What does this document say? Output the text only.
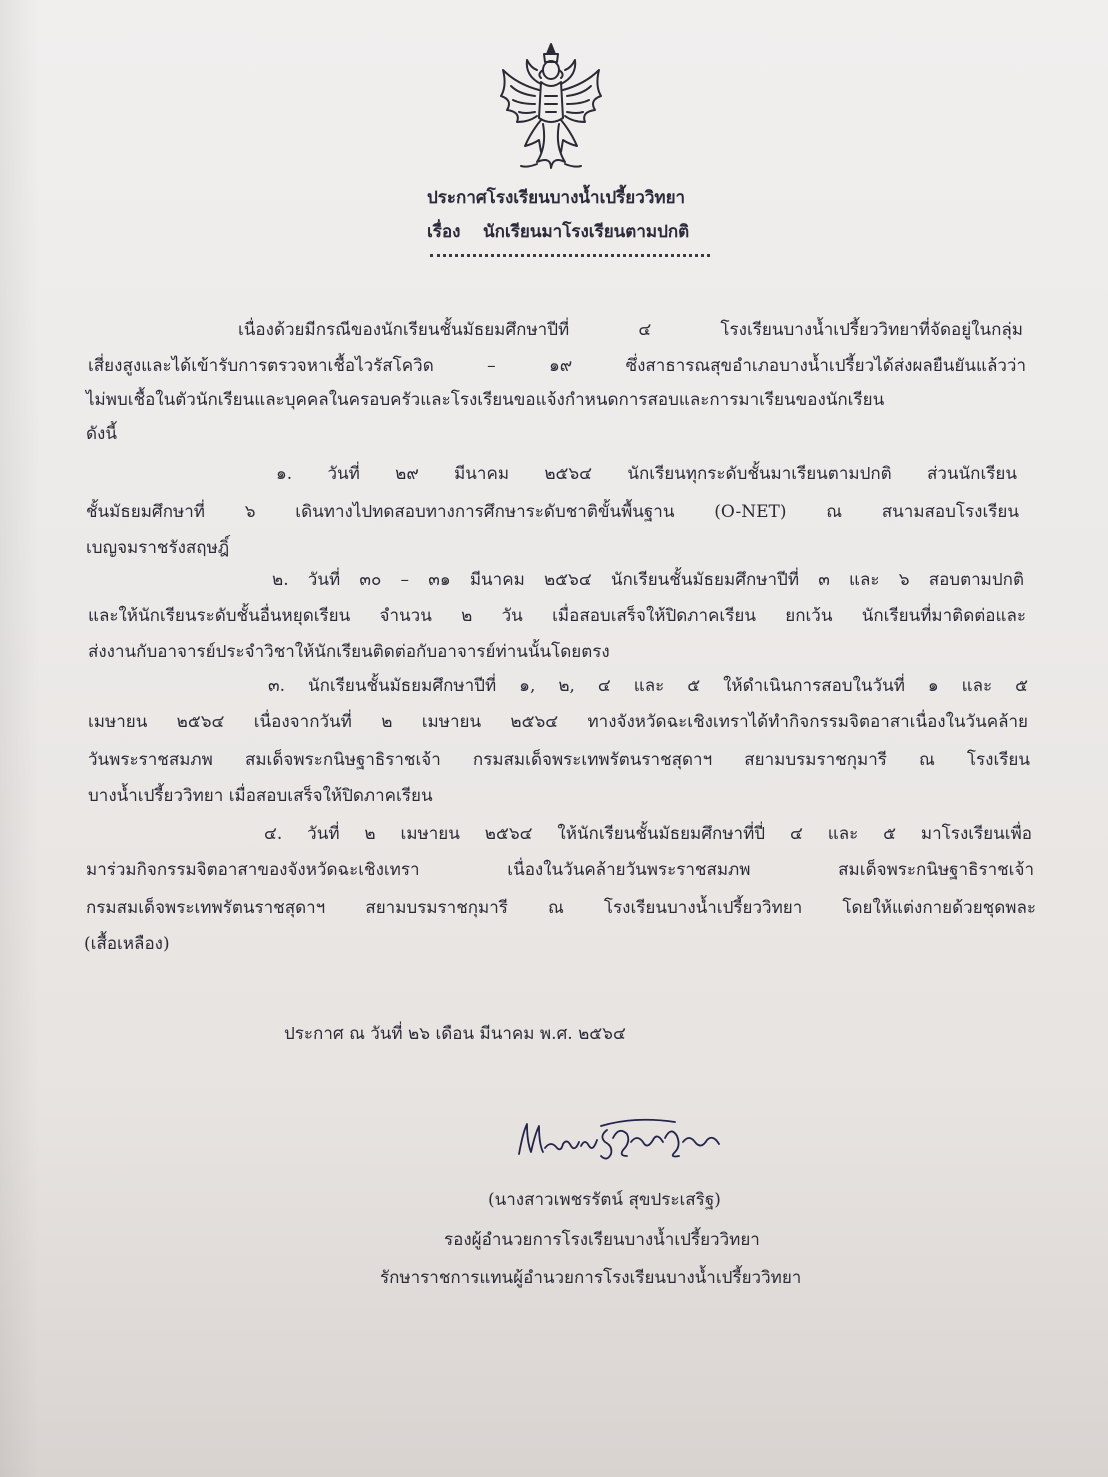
ประกาศโรงเรียนบางน้ำเปรี้ยววิทยา
เรื่อง นักเรียนมาโรงเรียนตามปกติ
เนื่องด้วยมีกรณีของนักเรียนชั้นมัธยมศึกษาปีที่ ๔ โรงเรียนบางน้ำเปรี้ยววิทยาที่จัดอยู่ในกลุ่ม
เสี่ยงสูงและได้เข้ารับการตรวจหาเชื้อไวรัสโควิด – ๑๙ ซึ่งสาธารณสุขอำเภอบางน้ำเปรี้ยวได้ส่งผลยืนยันแล้วว่า
ไม่พบเชื้อในตัวนักเรียนและบุคคลในครอบครัวและโรงเรียนขอแจ้งกำหนดการสอบและการมาเรียนของนักเรียน
ดังนี้
๑. วันที่ ๒๙ มีนาคม ๒๕๖๔ นักเรียนทุกระดับชั้นมาเรียนตามปกติ ส่วนนักเรียน
ชั้นมัธยมศึกษาที่ ๖ เดินทางไปทดสอบทางการศึกษาระดับชาติขั้นพื้นฐาน (O-NET) ณ สนามสอบโรงเรียน
เบญจมราชรังสฤษฎิ์
๒. วันที่ ๓๐ – ๓๑ มีนาคม ๒๕๖๔ นักเรียนชั้นมัธยมศึกษาปีที่ ๓ และ ๖ สอบตามปกติ
และให้นักเรียนระดับชั้นอื่นหยุดเรียน จำนวน ๒ วัน เมื่อสอบเสร็จให้ปิดภาคเรียน ยกเว้น นักเรียนที่มาติดต่อและ
ส่งงานกับอาจารย์ประจำวิชาให้นักเรียนติดต่อกับอาจารย์ท่านนั้นโดยตรง
๓. นักเรียนชั้นมัธยมศึกษาปีที่ ๑, ๒, ๔ และ ๕ ให้ดำเนินการสอบในวันที่ ๑ และ ๕
เมษายน ๒๕๖๔ เนื่องจากวันที่ ๒ เมษายน ๒๕๖๔ ทางจังหวัดฉะเชิงเทราได้ทำกิจกรรมจิตอาสาเนื่องในวันคล้าย
วันพระราชสมภพ สมเด็จพระกนิษฐาธิราชเจ้า กรมสมเด็จพระเทพรัตนราชสุดาฯ สยามบรมราชกุมารี ณ โรงเรียน
บางน้ำเปรี้ยววิทยา เมื่อสอบเสร็จให้ปิดภาคเรียน
๔. วันที่ ๒ เมษายน ๒๕๖๔ ให้นักเรียนชั้นมัธยมศึกษาที่ปี่ ๔ และ ๕ มาโรงเรียนเพื่อ
มาร่วมกิจกรรมจิตอาสาของจังหวัดฉะเชิงเทรา เนื่องในวันคล้ายวันพระราชสมภพ สมเด็จพระกนิษฐาธิราชเจ้า
กรมสมเด็จพระเทพรัตนราชสุดาฯ สยามบรมราชกุมารี ณ โรงเรียนบางน้ำเปรี้ยววิทยา โดยให้แต่งกายด้วยชุดพละ
(เสื้อเหลือง)
ประกาศ ณ วันที่ ๒๖ เดือน มีนาคม พ.ศ. ๒๕๖๔
(นางสาวเพชรรัตน์ สุขประเสริฐ)
รองผู้อำนวยการโรงเรียนบางน้ำเปรี้ยววิทยา
รักษาราชการแทนผู้อำนวยการโรงเรียนบางน้ำเปรี้ยววิทยา
